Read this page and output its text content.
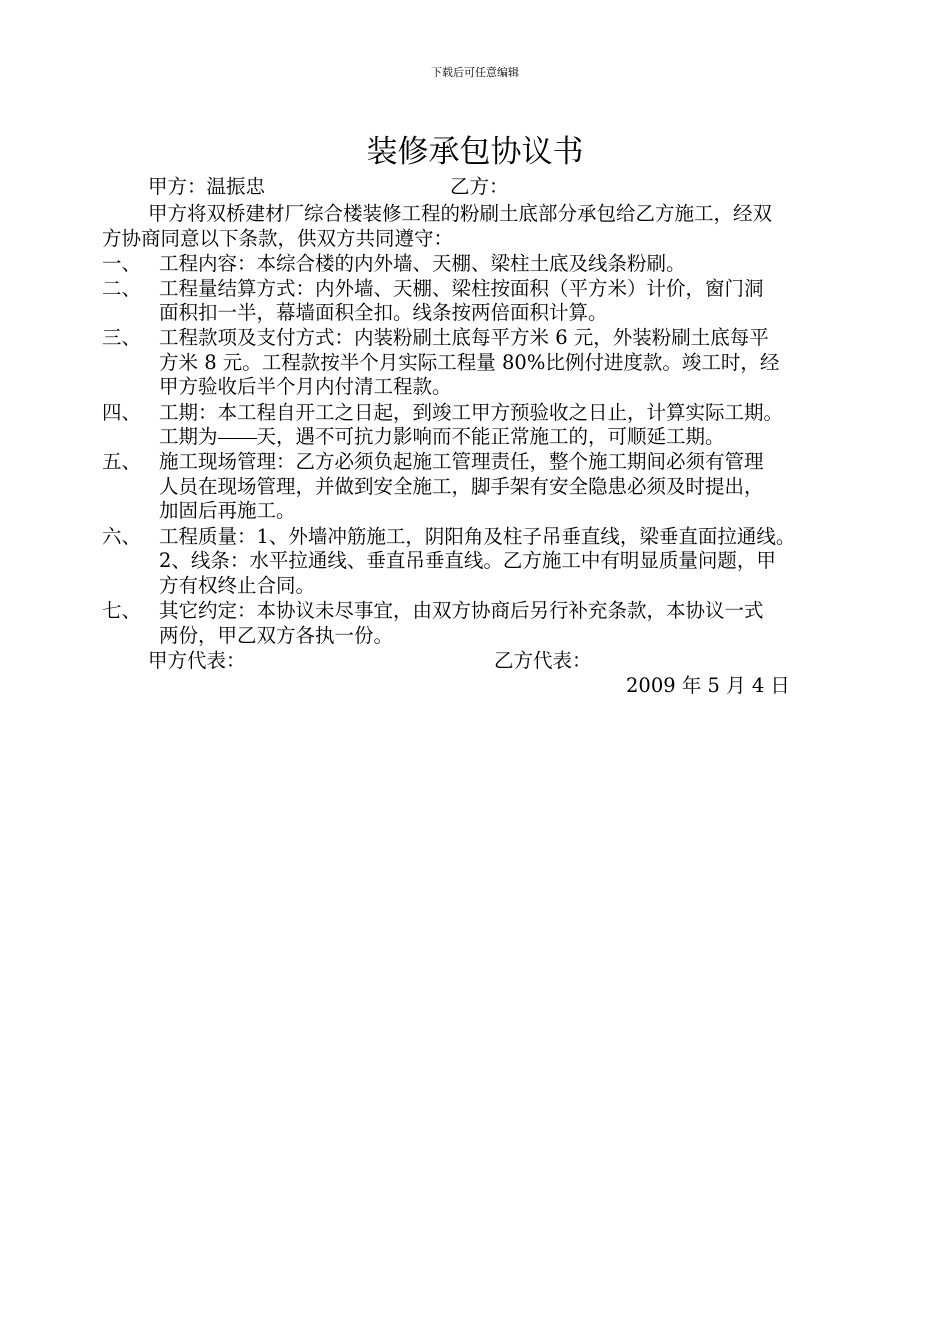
下载后可任意编辑
装修承包协议书
甲方：温振忠	乙方：
甲方将双桥建材厂综合楼装修工程的粉刷土底部分承包给乙方施工，经双
方协商同意以下条款，供双方共同遵守：
一、 工程内容：本综合楼的内外墙、天棚、梁柱土底及线条粉刷。
二、 工程量结算方式：内外墙、天棚、梁柱按面积（平方米）计价，窗门洞
面积扣一半，幕墙面积全扣。线条按两倍面积计算。
三、 工程款项及支付方式：内装粉刷土底每平方米 6 元，外装粉刷土底每平
方米 8 元。工程款按半个月实际工程量 80%比例付进度款。竣工时，经
甲方验收后半个月内付清工程款。
四、 工期：本工程自开工之日起，到竣工甲方预验收之日止，计算实际工期。
工期为 天，遇不可抗力影响而不能正常施工的，可顺延工期。
五、 施工现场管理：乙方必须负起施工管理责任，整个施工期间必须有管理
人员在现场管理，并做到安全施工，脚手架有安全隐患必须及时提出，
加固后再施工。
六、 工程质量：1、外墙冲筋施工，阴阳角及柱子吊垂直线，梁垂直面拉通线。
2、线条：水平拉通线、垂直吊垂直线。乙方施工中有明显质量问题，甲
方有权终止合同。
七、 其它约定：本协议未尽事宜，由双方协商后另行补充条款，本协议一式
两份，甲乙双方各执一份。
甲方代表：	乙方代表：
2009 年 5 月 4 日
